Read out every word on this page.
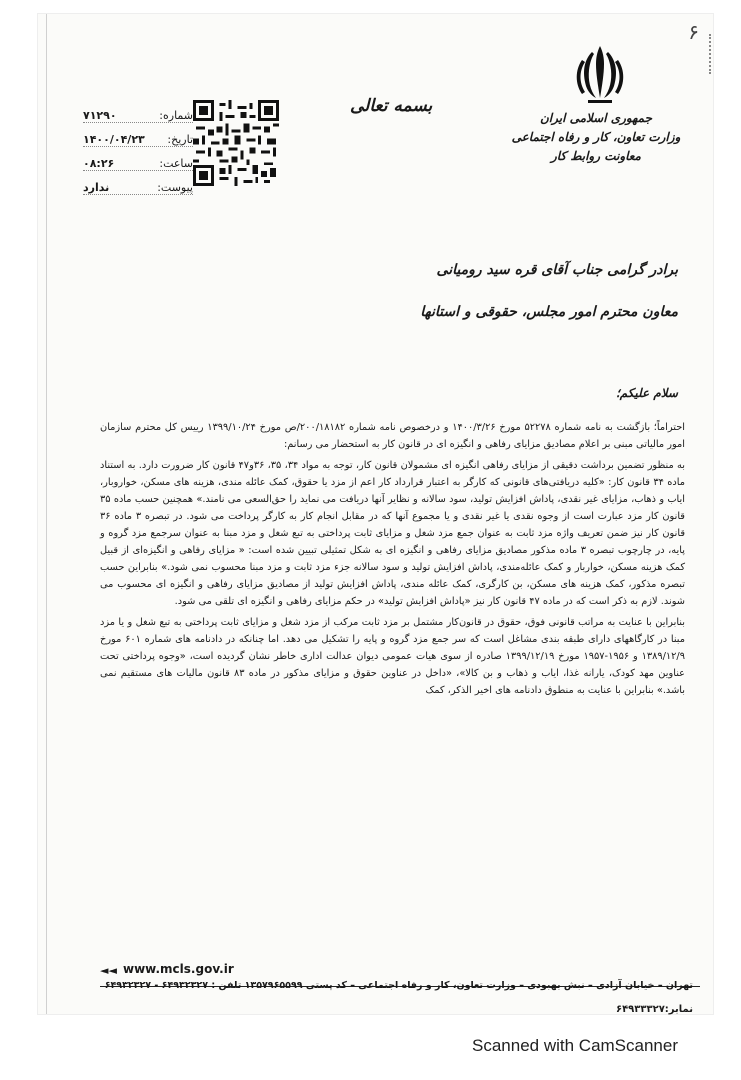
۶
جمهوری اسلامی ایران
وزارت تعاون، کار و رفاه اجتماعی
معاونت روابط کار
بسمه تعالی
شماره:
۷۱۲۹۰
تاریخ:
۱۴۰۰/۰۴/۲۳
ساعت:
۰۸:۲۶
پیوست:
ندارد
برادر گرامی جناب آقای قره سید رومیانی
معاون محترم امور مجلس، حقوقی و استانها
سلام علیکم؛

احتراماً؛ بازگشت به نامه شماره ۵۲۲۷۸ مورخ ۱۴۰۰/۳/۲۶ و درخصوص نامه شماره ۲۰۰/۱۸۱۸۲/ص مورخ ۱۳۹۹/۱۰/۲۴ رییس کل محترم سازمان امور مالیاتی مبنی بر اعلام مصادیق مزایای رفاهی و انگیزه ای در قانون کار به استحضار می رسانم:

به منظور تضمین برداشت دقیقی از مزایای رفاهی انگیزه ای مشمولان قانون کار، توجه به مواد ۳۴، ۳۵، ۳۶و۴۷ قانون کار ضرورت دارد. به استناد ماده ۳۴ قانون کار: «کلیه دریافتی‌های قانونی که کارگر به اعتبار قرارداد کار اعم از مزد یا حقوق، کمک عائله مندی، هزینه های مسکن، خواروبار، ایاب و ذهاب، مزایای غیر نقدی، پاداش افزایش تولید، سود سالانه و نظایر آنها دریافت می نماید را حق‌السعی می نامند.» همچنین حسب ماده ۳۵ قانون کار مزد عبارت است از وجوه نقدی یا غیر نقدی و یا مجموع آنها که در مقابل انجام کار به کارگر پرداخت می شود. در تبصره ۳ ماده ۳۶ قانون کار نیز ضمن تعریف واژه مزد ثابت به عنوان جمع مزد شغل و مزایای ثابت پرداختی به تبع شغل و مزد مبنا به عنوان سرجمع مزد گروه و پایه، در چارچوب تبصره ۳ ماده مذکور مصادیق مزایای رفاهی و انگیزه ای به شکل تمثیلی تبیین شده است: « مزایای رفاهی و انگیزه‌ای از قبیل کمک هزینه مسکن، خواربار و کمک عائله‌مندی، پاداش افزایش تولید و سود سالانه جزء مزد ثابت و مزد مبنا محسوب نمی شود.» بنابراین حسب تبصره مذکور، کمک هزینه های مسکن، بن کارگری، کمک عائله مندی، پاداش افزایش تولید از مصادیق مزایای رفاهی و انگیزه ای محسوب می شوند. لازم به ذکر است که در ماده ۴۷ قانون کار نیز «پاداش افزایش تولید» در حکم مزایای رفاهی و انگیزه ای تلقی می شود.

بنابراین با عنایت به مراتب قانونی فوق، حقوق در قانون‌کار مشتمل بر مزد ثابت مرکب از مزد شغل و مزایای ثابت پرداختی به تبع شغل و یا مزد مبنا در کارگاههای دارای طبقه بندی مشاغل است که سر جمع مزد گروه و پایه را تشکیل می دهد. اما چنانکه در دادنامه های شماره ۶۰۱ مورخ ۱۳۸۹/۱۲/۹ و ۱۹۵۶-۱۹۵۷ مورخ ۱۳۹۹/۱۲/۱۹ صادره از سوی هیات عمومی دیوان عدالت اداری خاطر نشان گردیده است، «وجوه پرداختی تحت عناوین مهد کودک، یارانه غذا، ایاب و ذهاب و بن کالا»، «داخل در عناوین حقوق و مزایای مذکور در ماده ۸۳ قانون مالیات های مستقیم نمی باشد.» بنابراین با عنایت به منطوق دادنامه های اخیر الذکر، کمک

◄◄ www.mcls.gov.ir
تهران – خیابان آزادی – نبش بهبودی – وزارت تعاون، کار و رفاه اجتماعی – کد پستی ۱۳۵۷۹۶۵۵۹۹ تلفن : ۶۴۹۳۲۳۲۷ - ۶۴۹۳۲۳۲۷
نمابر:۶۴۹۳۳۳۲۷
Scanned with CamScanner
